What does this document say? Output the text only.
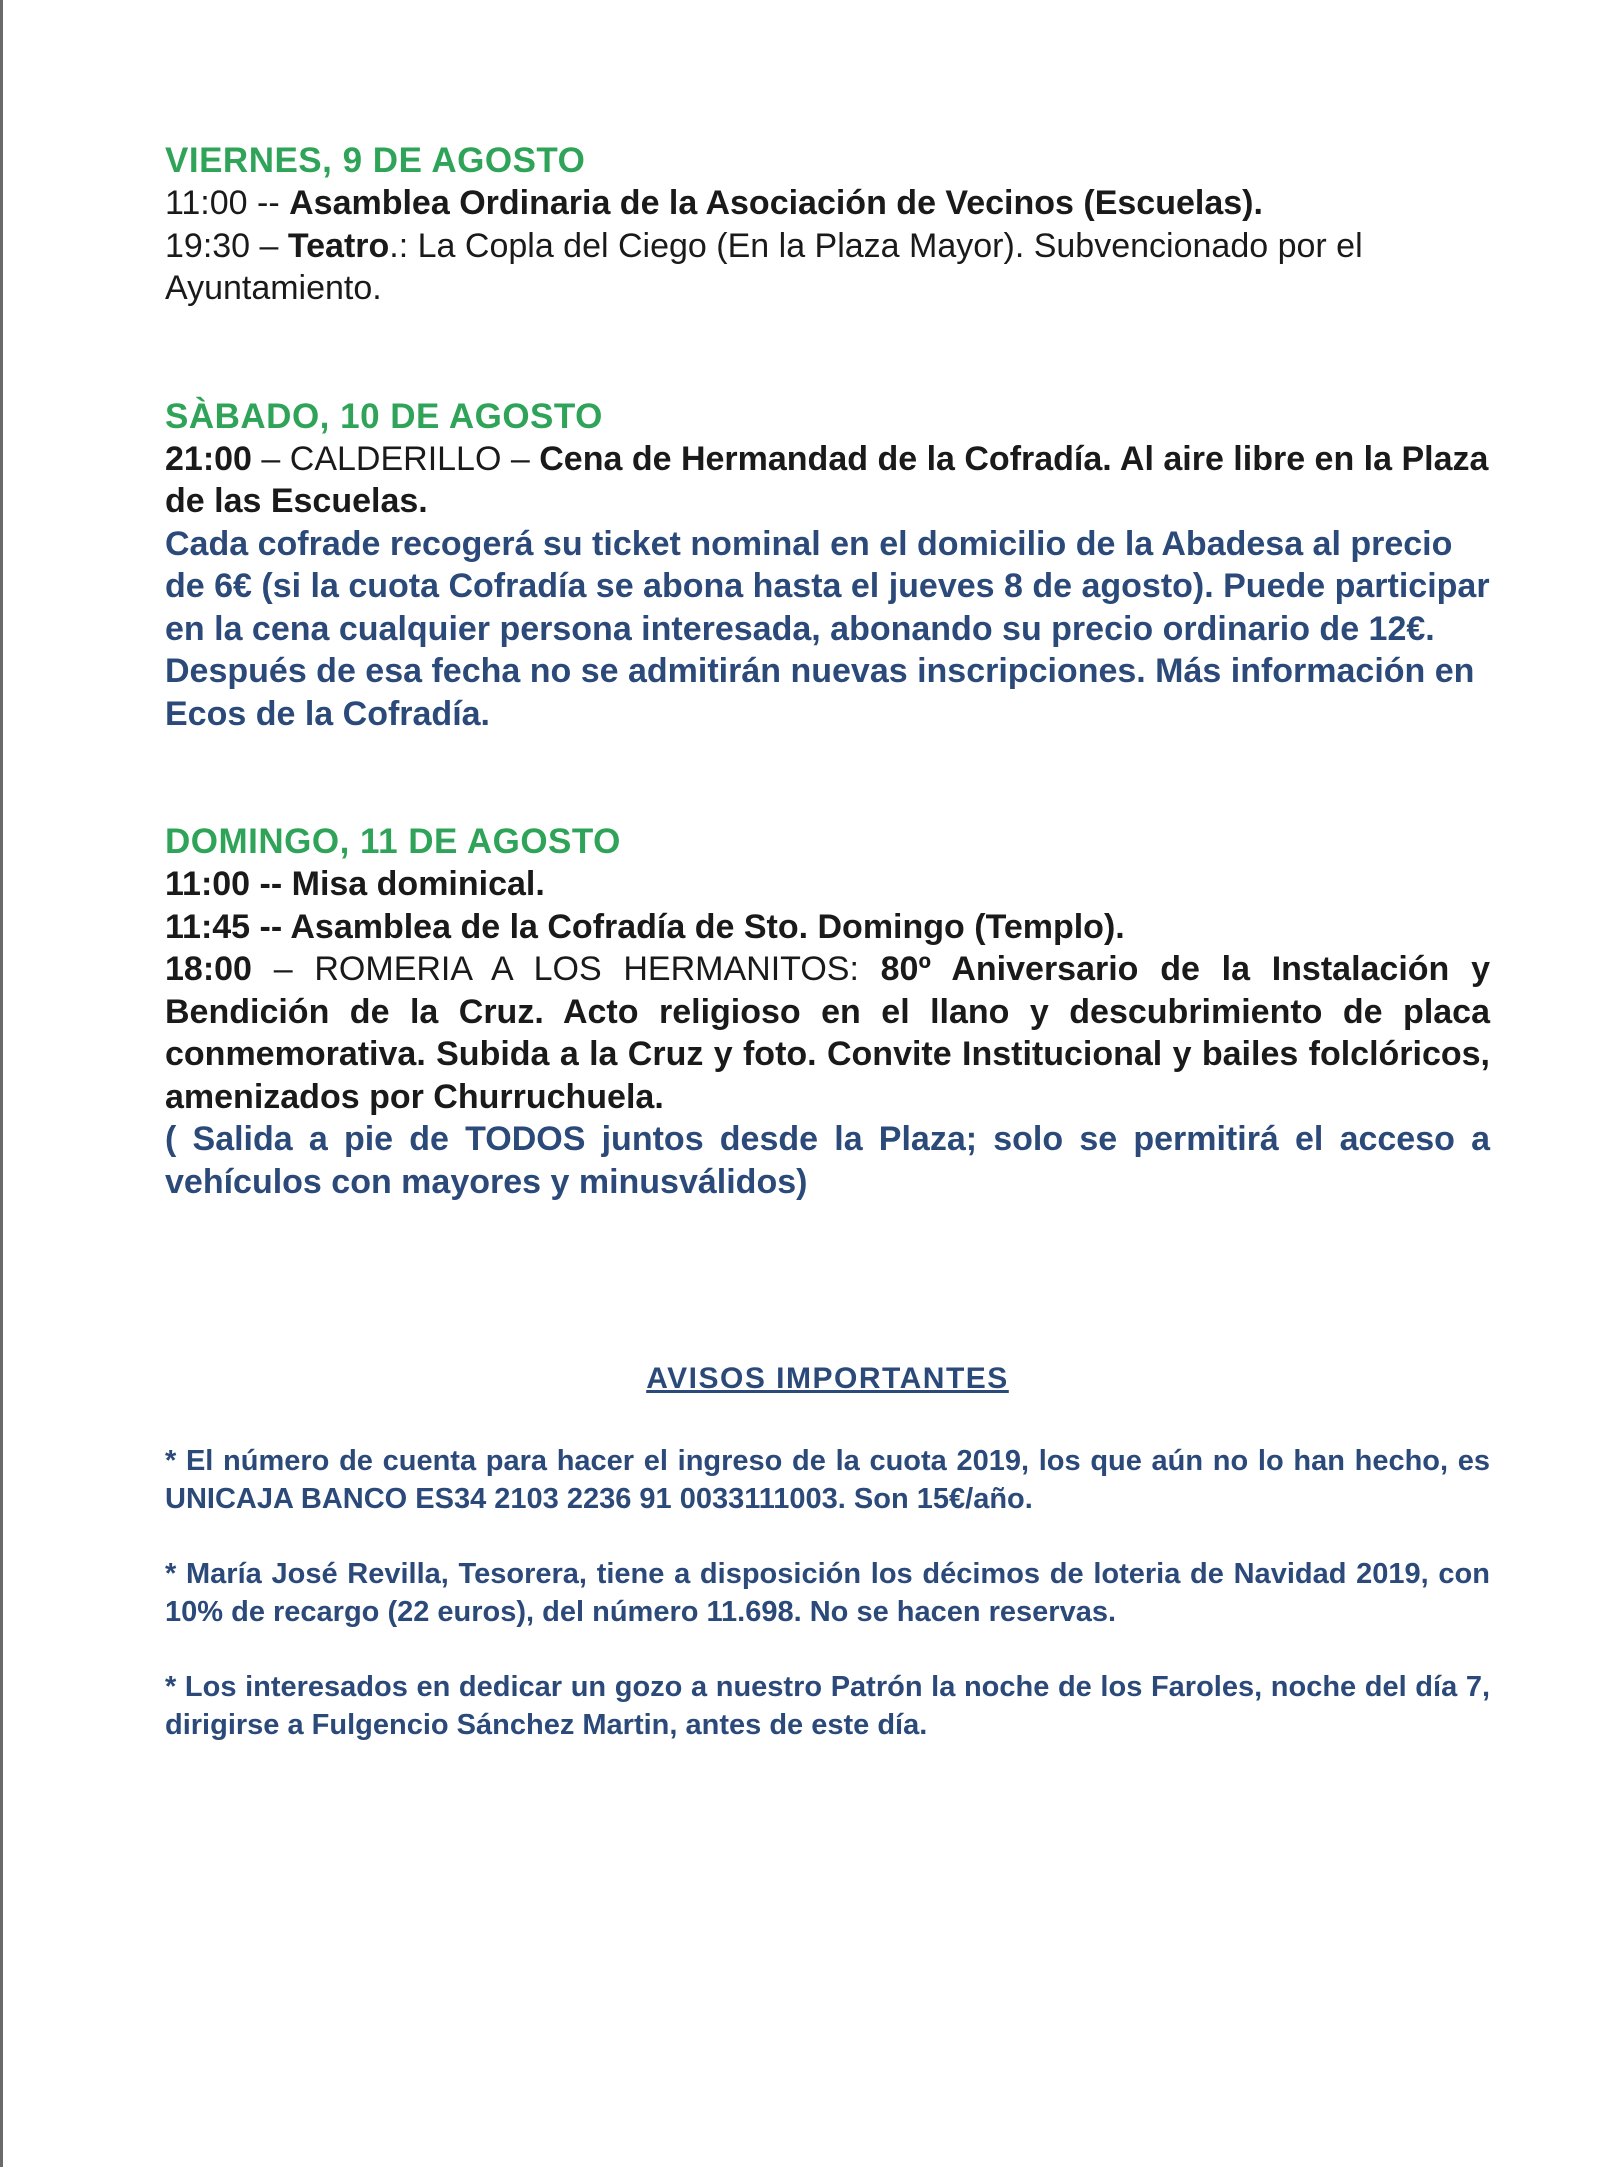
VIERNES, 9 DE AGOSTO

11:00 -- Asamblea Ordinaria de la Asociación de Vecinos (Escuelas).

19:30 – Teatro.: La Copla del Ciego (En la Plaza Mayor). Subvencionado por el Ayuntamiento.

SÀBADO, 10 DE AGOSTO

21:00 – CALDERILLO – Cena de Hermandad de la Cofradía. Al aire libre en la Plaza de las Escuelas.

Cada cofrade recogerá su ticket nominal en el domicilio de la Abadesa al precio de 6€ (si la cuota Cofradía se abona hasta el jueves 8 de agosto). Puede participar en la cena cualquier persona interesada, abonando su precio ordinario de 12€. Después de esa fecha no se admitirán nuevas inscripciones. Más información en Ecos de la Cofradía.

DOMINGO, 11 DE AGOSTO

11:00 -- Misa dominical.

11:45 -- Asamblea de la Cofradía de Sto. Domingo (Templo).

18:00 – ROMERIA A LOS HERMANITOS: 80º Aniversario de la Instalación y Bendición de la Cruz. Acto religioso en el llano y descubrimiento de placa conmemorativa. Subida a la Cruz y foto. Convite Institucional y bailes folclóricos, amenizados por Churruchuela.

( Salida a pie de TODOS juntos desde la Plaza; solo se permitirá el acceso a vehículos con mayores y minusválidos)

AVISOS IMPORTANTES

* El número de cuenta para hacer el ingreso de la cuota 2019, los que aún no lo han hecho, es UNICAJA BANCO ES34 2103 2236 91 0033111003. Son 15€/año.

* María José Revilla, Tesorera, tiene a disposición los décimos de loteria de Navidad 2019, con 10% de recargo (22 euros), del número 11.698. No se hacen reservas.

* Los interesados en dedicar un gozo a nuestro Patrón la noche de los Faroles, noche del día 7, dirigirse a Fulgencio Sánchez Martin, antes de este día.
